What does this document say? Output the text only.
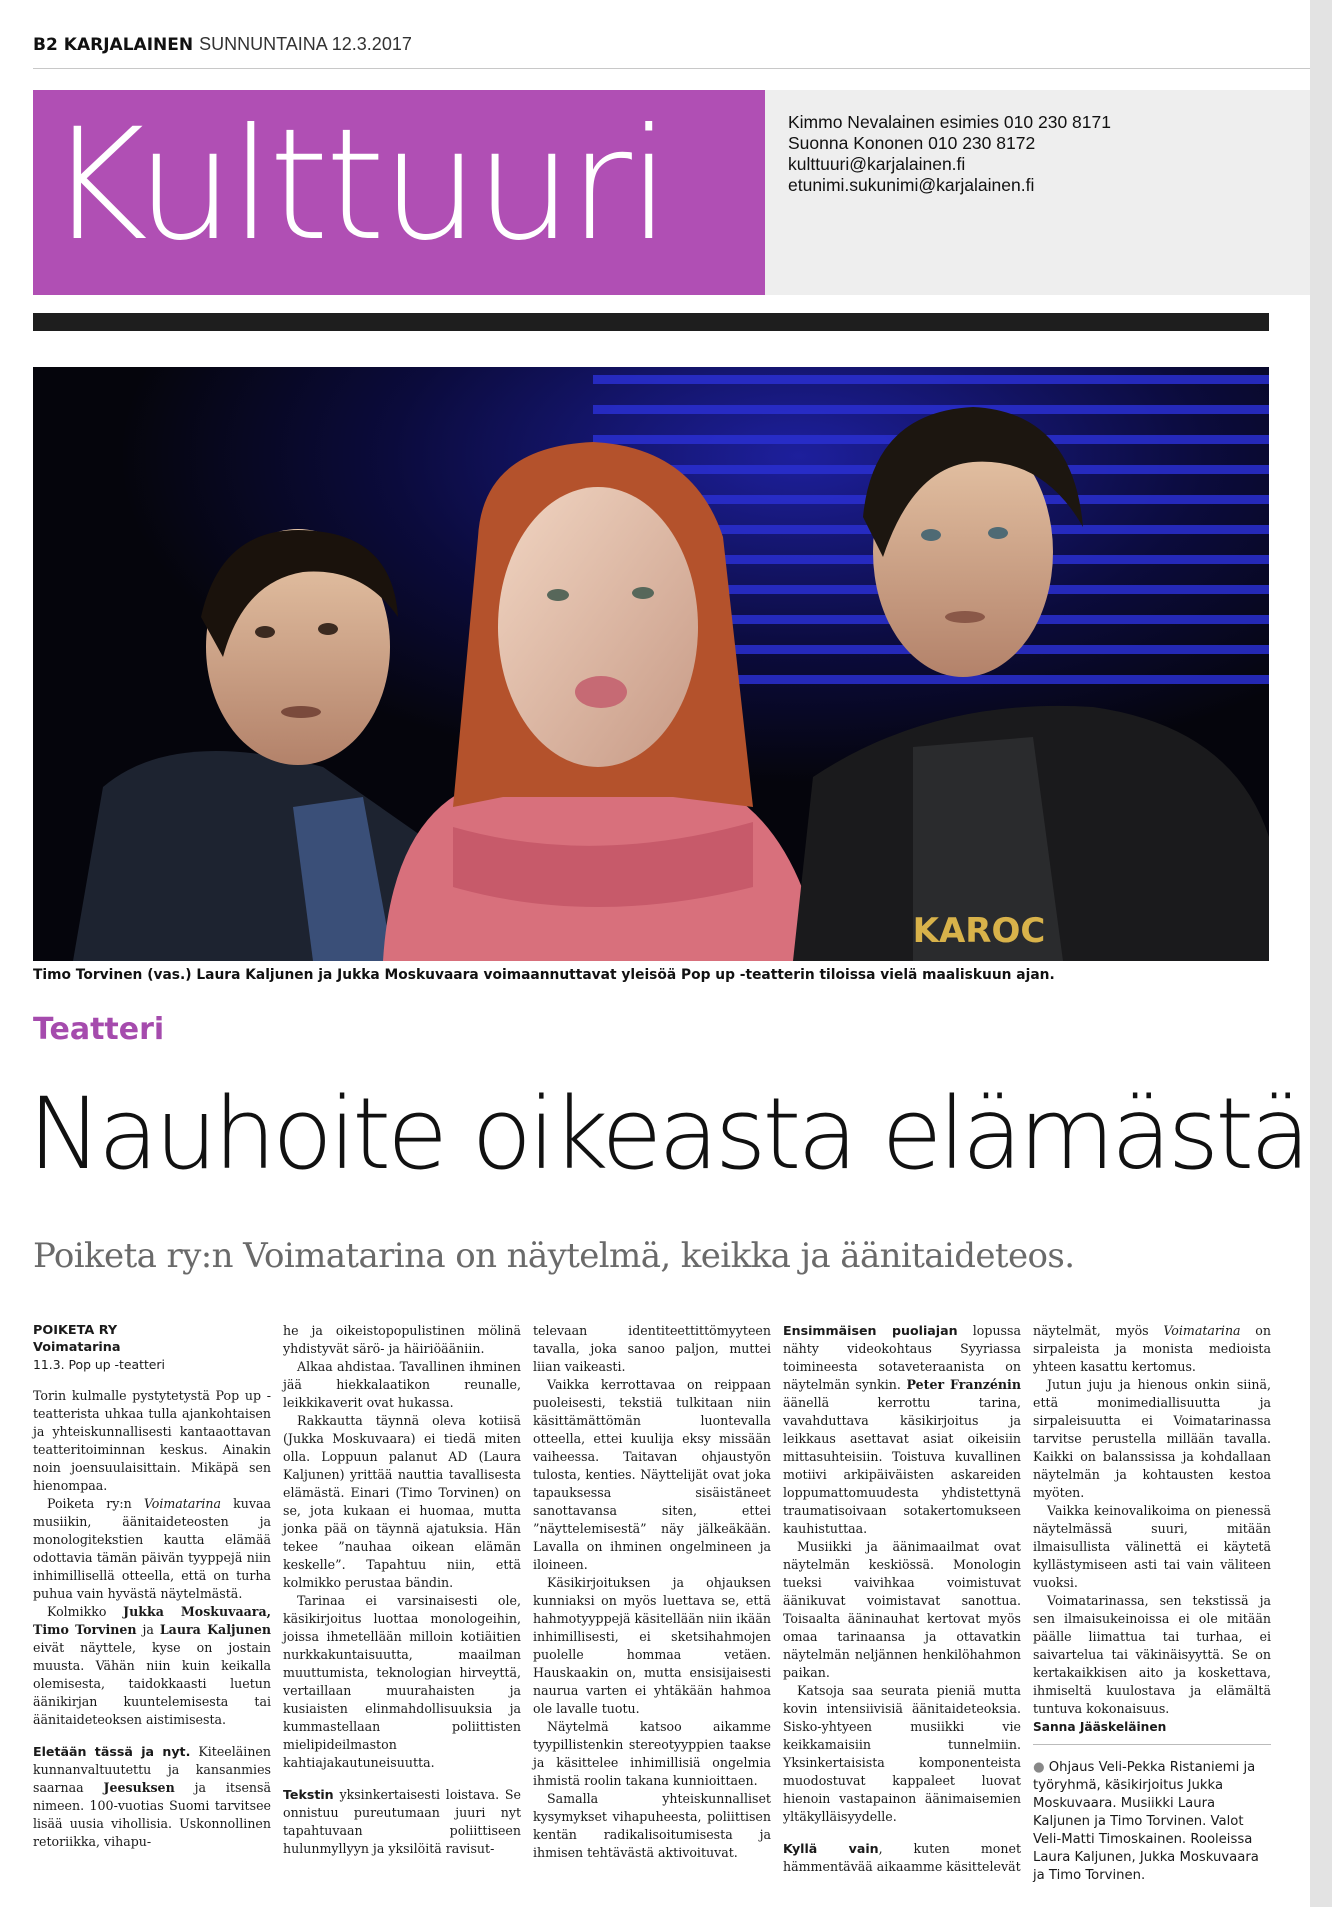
B2 KARJALAINEN SUNNUNTAINA 12.3.2017
Kulttuuri	Kimmo Nevalainen esimies 010 230 8171
Suonna Kononen 010 230 8172
kulttuuri@karjalainen.fi
etunimi.sukunimi@karjalainen.fi
KAROC
Timo Torvinen (vas.) Laura Kaljunen ja Jukka Moskuvaara voimaannuttavat yleisöä Pop up -teatterin tiloissa vielä maaliskuun ajan.
Teatteri
Nauhoite oikeasta elämästä
Poiketa ry:n Voimatarina on näytelmä, keikka ja äänitaideteos.
POIKETA RY
Voimatarina
11.3. Pop up -teatteri

Torin kulmalle pystytetystä Pop up -teatterista uhkaa tulla ajankohtaisen ja yhteiskunnallisesti kantaaottavan teatteritoiminnan keskus. Ainakin noin joensuulaisittain. Mikäpä sen hienompaa.

Poiketa ry:n Voimatarina kuvaa musiikin, äänitaideteosten ja monologitekstien kautta elämää odottavia tämän päivän tyyppejä niin inhimillisellä otteella, että on turha puhua vain hyvästä näytelmästä.

Kolmikko Jukka Moskuvaara, Timo Torvinen ja Laura Kaljunen eivät näyttele, kyse on jostain muusta. Vähän niin kuin keikalla olemisesta, taidokkaasti luetun äänikirjan kuuntelemisesta tai äänitaideteoksen aistimisesta.

Eletään tässä ja nyt. Kiteeläinen kunnanvaltuutettu ja kansanmies saarnaa Jeesuksen ja itsensä nimeen. 100-vuotias Suomi tarvitsee lisää uusia vihollisia. Uskonnollinen retoriikka, vihapu-

he ja oikeistopopulistinen mölinä yhdistyvät särö- ja häiriöääniin.

Alkaa ahdistaa. Tavallinen ihminen jää hiekkalaatikon reunalle, leikkikaverit ovat hukassa.

Rakkautta täynnä oleva kotiisä (Jukka Moskuvaara) ei tiedä miten olla. Loppuun palanut AD (Laura Kaljunen) yrittää nauttia tavallisesta elämästä. Einari (Timo Torvinen) on se, jota kukaan ei huomaa, mutta jonka pää on täynnä ajatuksia. Hän tekee ”nauhaa oikean elämän keskelle”. Tapahtuu niin, että kolmikko perustaa bändin.

Tarinaa ei varsinaisesti ole, käsikirjoitus luottaa monologeihin, joissa ihmetellään milloin kotiäitien nurkkakuntaisuutta, maailman muuttumista, teknologian hirveyttä, vertaillaan muurahaisten ja kusiaisten elinmahdollisuuksia ja kummastellaan poliittisten mielipideilmaston kahtiajakautuneisuutta.

Tekstin yksinkertaisesti loistava. Se onnistuu pureutumaan juuri nyt tapahtuvaan poliittiseen hulunmyllyyn ja yksilöitä ravisut-

televaan identiteettittömyyteen tavalla, joka sanoo paljon, muttei liian vaikeasti.

Vaikka kerrottavaa on reippaan puoleisesti, tekstiä tulkitaan niin käsittämättömän luontevalla otteella, ettei kuulija eksy missään vaiheessa. Taitavan ohjaustyön tulosta, kenties. Näyttelijät ovat joka tapauksessa sisäistäneet sanottavansa siten, ettei ”näyttelemisestä” näy jälkeäkään. Lavalla on ihminen ongelmineen ja iloineen.

Käsikirjoituksen ja ohjauksen kunniaksi on myös luettava se, että hahmotyyppejä käsitellään niin ikään inhimillisesti, ei sketsihahmojen puolelle hommaa vetäen. Hauskaakin on, mutta ensisijaisesti naurua varten ei yhtäkään hahmoa ole lavalle tuotu.

Näytelmä katsoo aikamme tyypillistenkin stereotyyppien taakse ja käsittelee inhimillisiä ongelmia ihmistä roolin takana kunnioittaen.

Samalla yhteiskunnalliset kysymykset vihapuheesta, poliittisen kentän radikalisoitumisesta ja ihmisen tehtävästä aktivoituvat.

Ensimmäisen puoliajan lopussa nähty videokohtaus Syyriassa toimineesta sotaveteraanista on näytelmän synkin. Peter Franzénin äänellä kerrottu tarina, vavahduttava käsikirjoitus ja leikkaus asettavat asiat oikeisiin mittasuhteisiin. Toistuva kuvallinen motiivi arkipäiväisten askareiden loppumattomuudesta yhdistettynä traumatisoivaan sotakertomukseen kauhistuttaa.

Musiikki ja äänimaailmat ovat näytelmän keskiössä. Monologin tueksi vaivihkaa voimistuvat äänikuvat voimistavat sanottua. Toisaalta ääninauhat kertovat myös omaa tarinaansa ja ottavatkin näytelmän neljännen henkilöhahmon paikan.

Katsoja saa seurata pieniä mutta kovin intensiivisiä äänitaideteoksia. Sisko-yhtyeen musiikki vie keikkamaisiin tunnelmiin. Yksinkertaisista komponenteista muodostuvat kappaleet luovat hienoin vastapainon äänimaisemien yltäkylläisyydelle.

Kyllä vain, kuten monet hämmentävää aikaamme käsittelevät

näytelmät, myös Voimatarina on sirpaleista ja monista medioista yhteen kasattu kertomus.

Jutun juju ja hienous onkin siinä, että monimediallisuutta ja sirpaleisuutta ei Voimatarinassa tarvitse perustella millään tavalla. Kaikki on balanssissa ja kohdallaan näytelmän ja kohtausten kestoa myöten.

Vaikka keinovalikoima on pienessä näytelmässä suuri, mitään ilmaisullista välinettä ei käytetä kyllästymiseen asti tai vain väliteen vuoksi.

Voimatarinassa, sen tekstissä ja sen ilmaisukeinoissa ei ole mitään päälle liimattua tai turhaa, ei saivartelua tai väkinäisyyttä. Se on kertakaikkisen aito ja koskettava, ihmiseltä kuulostava ja elämältä tuntuva kokonaisuus.

Sanna Jääskeläinen
● Ohjaus Veli-Pekka Ristaniemi ja työryhmä, käsikirjoitus Jukka Moskuvaara. Musiikki Laura Kaljunen ja Timo Torvinen. Valot Veli-Matti Timoskainen. Rooleissa Laura Kaljunen, Jukka Moskuvaara ja Timo Torvinen.
